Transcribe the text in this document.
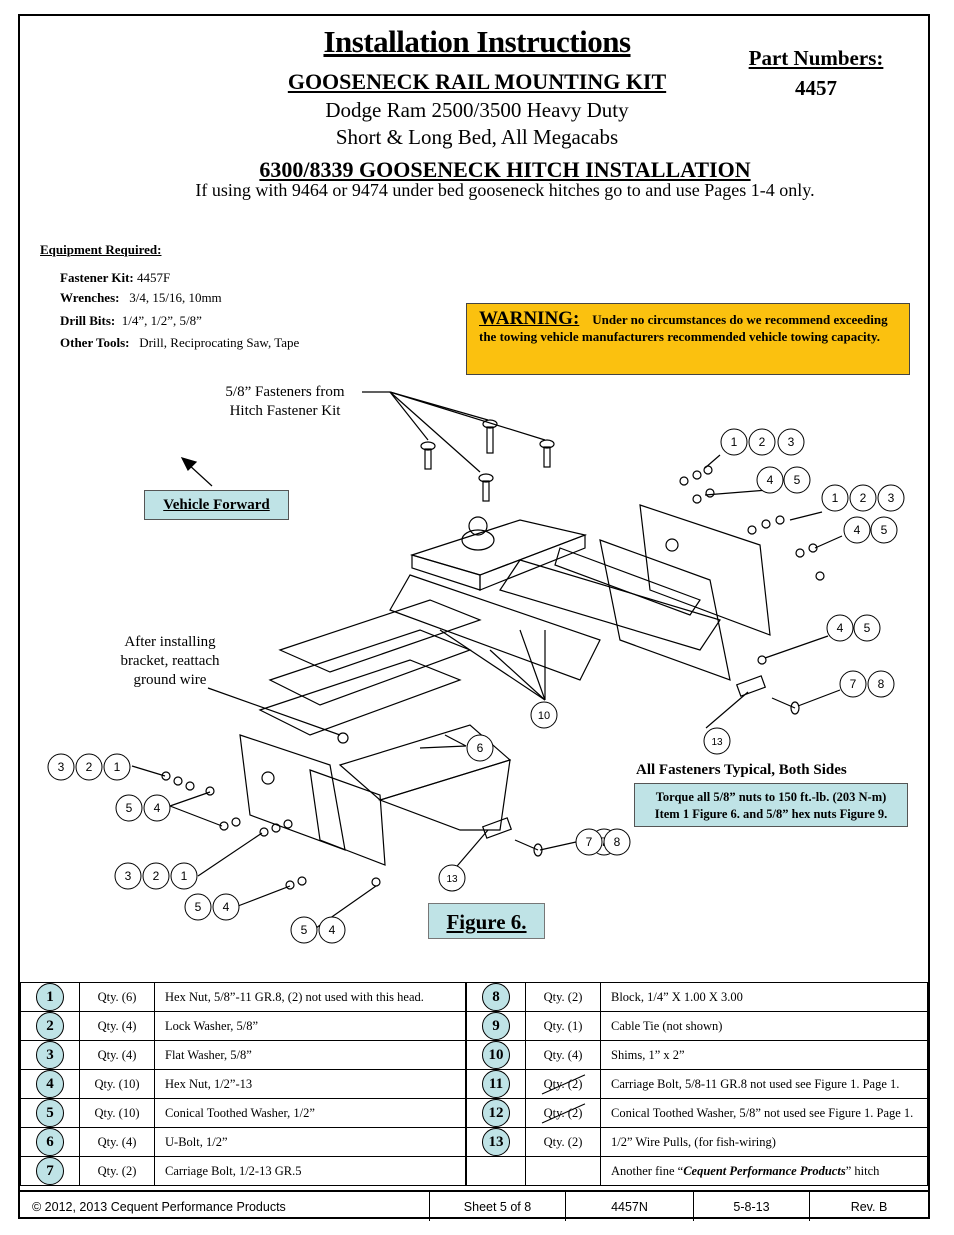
Installation Instructions
GOOSENECK RAIL MOUNTING KIT
Dodge Ram 2500/3500 Heavy Duty
Short & Long Bed, All Megacabs
6300/8339 GOOSENECK HITCH INSTALLATION
If using with 9464 or 9474 under bed gooseneck hitches go to and use Pages 1-4 only.
Part Numbers:
4457
Equipment Required:
Fastener Kit: 4457F
Wrenches: 3/4, 15/16, 10mm
Drill Bits: 1/4”, 1/2”, 5/8”
Other Tools: Drill, Reciprocating Saw, Tape
WARNING: Under no circumstances do we recommend exceeding the towing vehicle manufacturers recommended vehicle towing capacity.
1 2 3
4 5
1 2 3
4 5
4 5
7 8
13
10
6
3 2 1
5 4
7 8
3 2 1	13
5 4
5 4
5/8” Fasteners from
Hitch Fastener Kit
Vehicle Forward
After installing
bracket, reattach
ground wire
All Fasteners Typical, Both Sides
Torque all 5/8” nuts to 150 ft.-lb. (203 N-m)
Item 1 Figure 6. and 5/8” hex nuts Figure 9.
Figure 6.
1	Qty. (6)	Hex Nut, 5/8”-11 GR.8, (2) not used with this head.	8	Qty. (2)	Block, 1/4” X 1.00 X 3.00
2	Qty. (4)	Lock Washer, 5/8”	9	Qty. (1)	Cable Tie (not shown)
3	Qty. (4)	Flat Washer, 5/8”	10	Qty. (4)	Shims, 1” x 2”
4	Qty. (10)	Hex Nut, 1/2”-13	11	Qty. (2)	Carriage Bolt, 5/8-11 GR.8 not used see Figure 1. Page 1.
5	Qty. (10)	Conical Toothed Washer, 1/2”	12	Qty. (2)	Conical Toothed Washer, 5/8” not used see Figure 1. Page 1.
6	Qty. (4)	U-Bolt, 1/2”	13	Qty. (2)	1/2” Wire Pulls, (for fish-wiring)
7	Qty. (2)	Carriage Bolt, 1/2-13 GR.5			Another fine “Cequent Performance Products” hitch
© 2012, 2013 Cequent Performance Products	Sheet 5 of 8	4457N	5-8-13	Rev. B
